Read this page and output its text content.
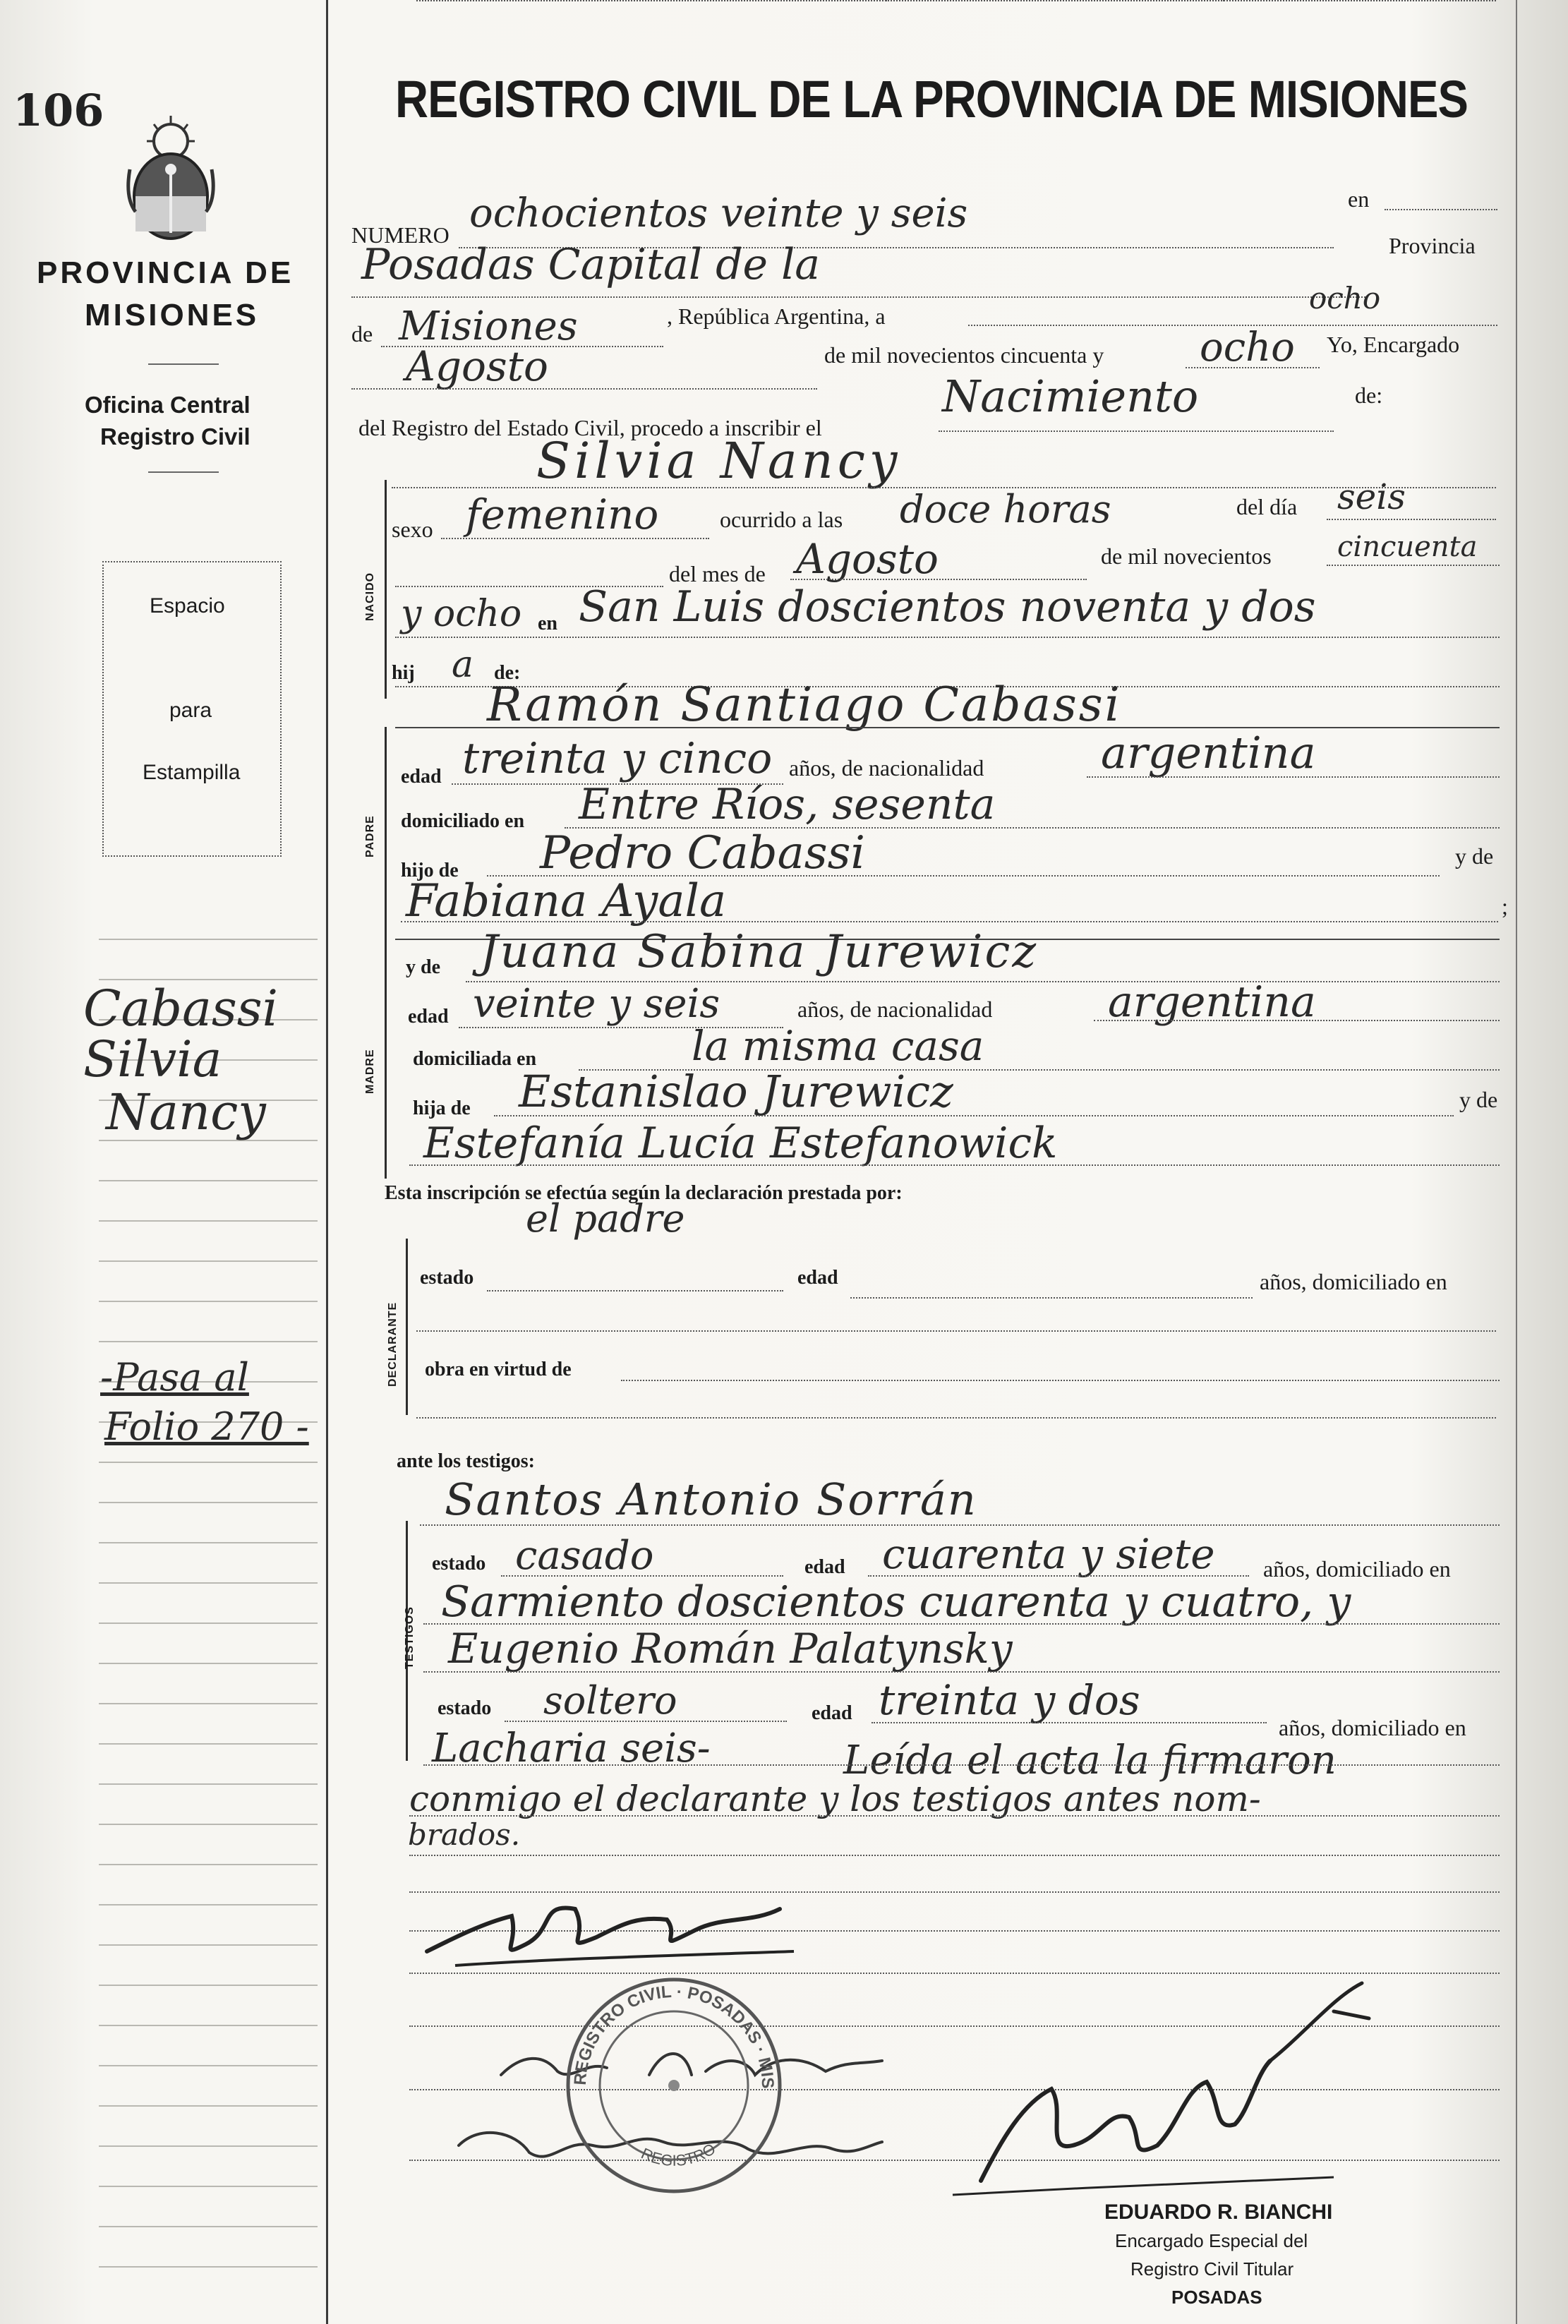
106
PROVINCIA DE
MISIONES
Oficina Central
Registro Civil
Espacio
para
Estampilla
Cabassi
Silvia
Nancy
-Pasa al
Folio 270 -
REGISTRO CIVIL DE LA PROVINCIA DE MISIONES
NUMERO ochocientos veinte y seis	en
Posadas Capital de la	Provincia
de Misiones	, República Argentina, a
ocho
Agosto	de mil novecientos cincuenta y ocho Yo, Encargado
del Registro del Estado Civil, procedo a inscribir el
Nacimiento	de:
Silvia Nancy
NACIDO
sexo femenino	ocurrido a las doce horas	del día seis
del mes de Agosto	de mil novecientos cincuenta
y ocho en San Luis doscientos noventa y dos
hij a de:
Ramón Santiago Cabassi
PADRE
edad treinta y cinco años, de nacionalidad	argentina
domiciliado en Entre Ríos, sesenta
hijo de Pedro Cabassi	y de
Fabiana Ayala	;
MADRE
y de Juana Sabina Jurewicz
edad veinte y seis	años, de nacionalidad	argentina
domiciliada en	la misma casa
hija de Estanislao Jurewicz	y de
Estefanía Lucía Estefanowick
Esta inscripción se efectúa según la declaración prestada por:
el padre
DECLARANTE
estado	edad	años, domiciliado en
obra en virtud de
ante los testigos:
Santos Antonio Sorrán
TESTIGOS
estado casado	edad cuarenta y siete años, domiciliado en
Sarmiento doscientos cuarenta y cuatro, y
Eugenio Román Palatynsky
estado soltero	edad treinta y dos
años, domiciliado en
Lacharia seis-	Leída el acta la firmaron
conmigo el declarante y los testigos antes nom-
brados.
REGISTRO CIVIL · POSADAS · MIS
REGISTRO
EDUARDO R. BIANCHI
Encargado Especial del
Registro Civil Titular
POSADAS
